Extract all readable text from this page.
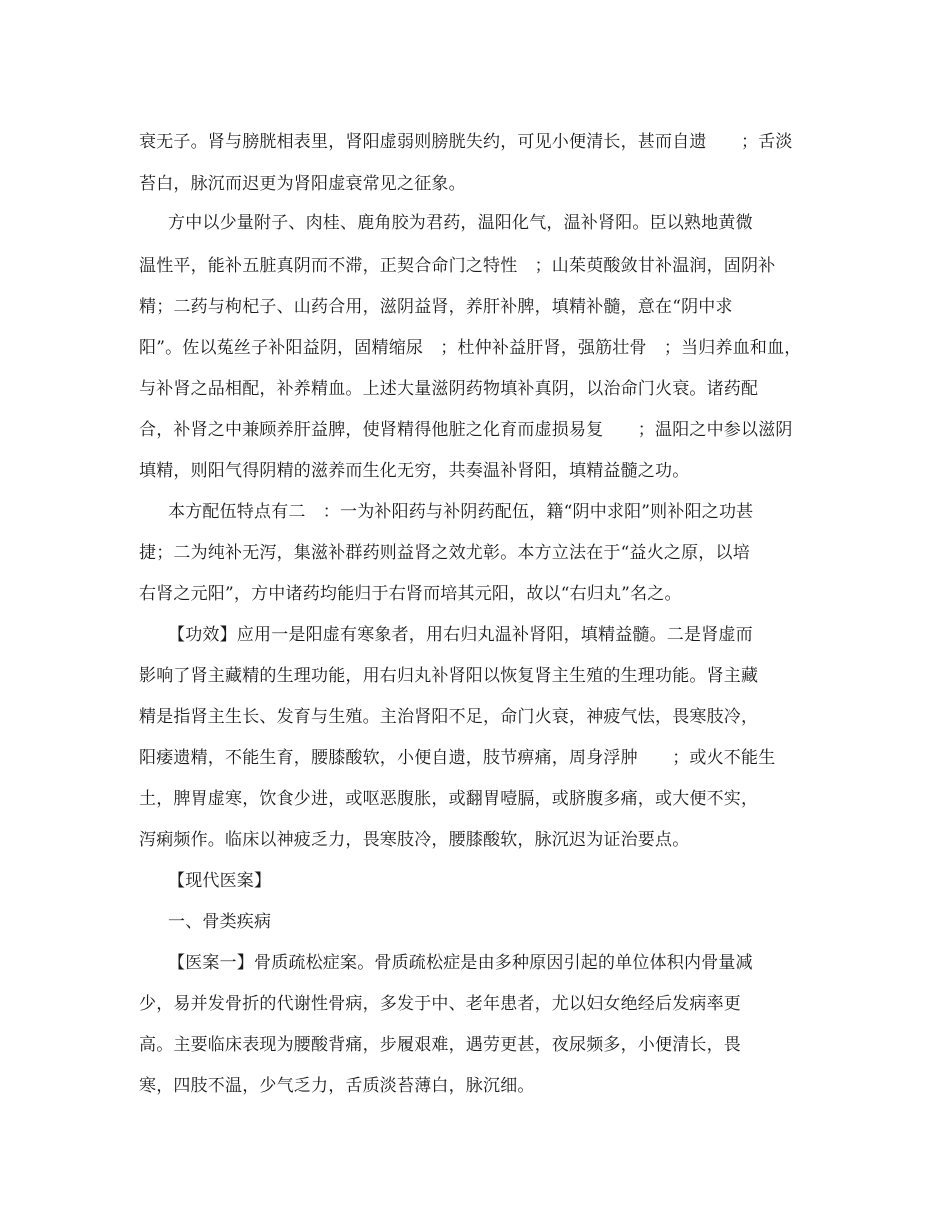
衰无子。肾与膀胱相表里，肾阳虚弱则膀胱失约，可见小便清长，甚而自遗　　；舌淡
苔白，脉沉而迟更为肾阳虚衰常见之征象。
方中以少量附子、肉桂、鹿角胶为君药，温阳化气，温补肾阳。臣以熟地黄微
温性平，能补五脏真阴而不滞，正契合命门之特性　；山茱萸酸敛甘补温润，固阴补
精；二药与枸杞子、山药合用，滋阴益肾，养肝补脾，填精补髓，意在“阴中求
阳”。佐以菟丝子补阳益阴，固精缩尿　；杜仲补益肝肾，强筋壮骨　；当归养血和血，
与补肾之品相配，补养精血。上述大量滋阴药物填补真阴，以治命门火衰。诸药配
合，补肾之中兼顾养肝益脾，使肾精得他脏之化育而虚损易复　　；温阳之中参以滋阴
填精，则阳气得阴精的滋养而生化无穷，共奏温补肾阳，填精益髓之功。
本方配伍特点有二　：一为补阳药与补阴药配伍，籍“阴中求阳”则补阳之功甚
捷；二为纯补无泻，集滋补群药则益肾之效尤彰。本方立法在于“益火之原，以培
右肾之元阳”，方中诸药均能归于右肾而培其元阳，故以“右归丸”名之。
【功效】应用一是阳虚有寒象者，用右归丸温补肾阳，填精益髓。二是肾虚而
影响了肾主藏精的生理功能，用右归丸补肾阳以恢复肾主生殖的生理功能。肾主藏
精是指肾主生长、发育与生殖。主治肾阳不足，命门火衰，神疲气怯，畏寒肢冷，
阳痿遗精，不能生育，腰膝酸软，小便自遗，肢节痹痛，周身浮肿　　；或火不能生
土，脾胃虚寒，饮食少进，或呕恶腹胀，或翻胃噎膈，或脐腹多痛，或大便不实，
泻痢频作。临床以神疲乏力，畏寒肢冷，腰膝酸软，脉沉迟为证治要点。
【现代医案】
一、骨类疾病
【医案一】骨质疏松症案。骨质疏松症是由多种原因引起的单位体积内骨量减
少，易并发骨折的代谢性骨病，多发于中、老年患者，尤以妇女绝经后发病率更
高。主要临床表现为腰酸背痛，步履艰难，遇劳更甚，夜尿频多，小便清长，畏
寒，四肢不温，少气乏力，舌质淡苔薄白，脉沉细。
